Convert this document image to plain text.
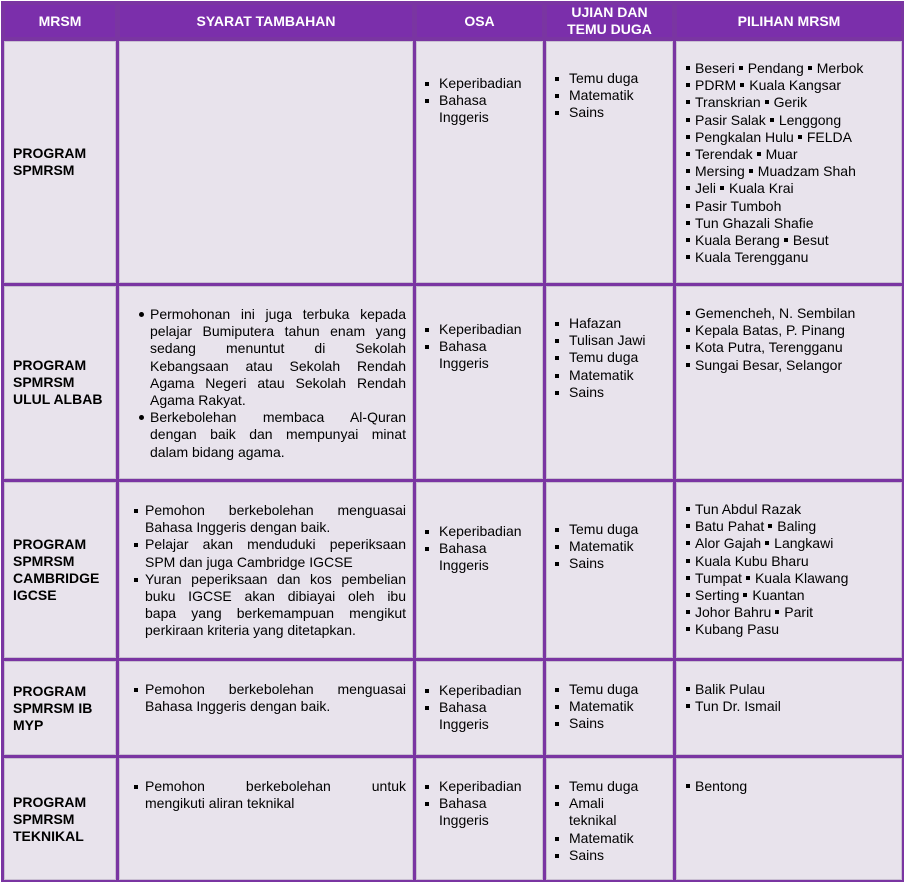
MRSM	SYARAT TAMBAHAN	OSA
UJIAN DAN
TEMU DUGA
PILIHAN MRSM
PROGRAM
SPMRSM
Keperibadian
Bahasa
Inggeris
Temu duga
Matematik
Sains
Beseri Pendang Merbok
PDRM Kuala Kangsar
Transkrian Gerik
Pasir Salak Lenggong
Pengkalan Hulu FELDA
Terendak Muar
Mersing Muadzam Shah
Jeli Kuala Krai
Pasir Tumboh
Tun Ghazali Shafie
Kuala Berang Besut
Kuala Terengganu
PROGRAM
SPMRSM
ULUL ALBAB
Permohonan ini juga terbuka kepada
pelajar Bumiputera tahun enam yang
sedang menuntut di Sekolah
Kebangsaan atau Sekolah Rendah
Agama Negeri atau Sekolah Rendah
Agama Rakyat.
Berkebolehan membaca Al-Quran
dengan baik dan mempunyai minat
dalam bidang agama.
Keperibadian
Bahasa
Inggeris
Hafazan
Tulisan Jawi
Temu duga
Matematik
Sains
Gemencheh, N. Sembilan
Kepala Batas, P. Pinang
Kota Putra, Terengganu
Sungai Besar, Selangor
PROGRAM
SPMRSM
CAMBRIDGE
IGCSE
Pemohon berkebolehan menguasai
Bahasa Inggeris dengan baik.
Pelajar akan menduduki peperiksaan
SPM dan juga Cambridge IGCSE
Yuran peperiksaan dan kos pembelian
buku IGCSE akan dibiayai oleh ibu
bapa yang berkemampuan mengikut
perkiraan kriteria yang ditetapkan.
Keperibadian
Bahasa
Inggeris
Temu duga
Matematik
Sains
Tun Abdul Razak
Batu Pahat Baling
Alor Gajah Langkawi
Kuala Kubu Bharu
Tumpat Kuala Klawang
Serting Kuantan
Johor Bahru Parit
Kubang Pasu
PROGRAM
SPMRSM IB
MYP
Pemohon berkebolehan menguasai
Bahasa Inggeris dengan baik.
Keperibadian
Bahasa
Inggeris
Temu duga
Matematik
Sains
Balik Pulau
Tun Dr. Ismail
PROGRAM
SPMRSM
TEKNIKAL
Pemohon berkebolehan untuk
mengikuti aliran teknikal
Keperibadian
Bahasa
Inggeris
Temu duga
Amali
teknikal
Matematik
Sains
Bentong
